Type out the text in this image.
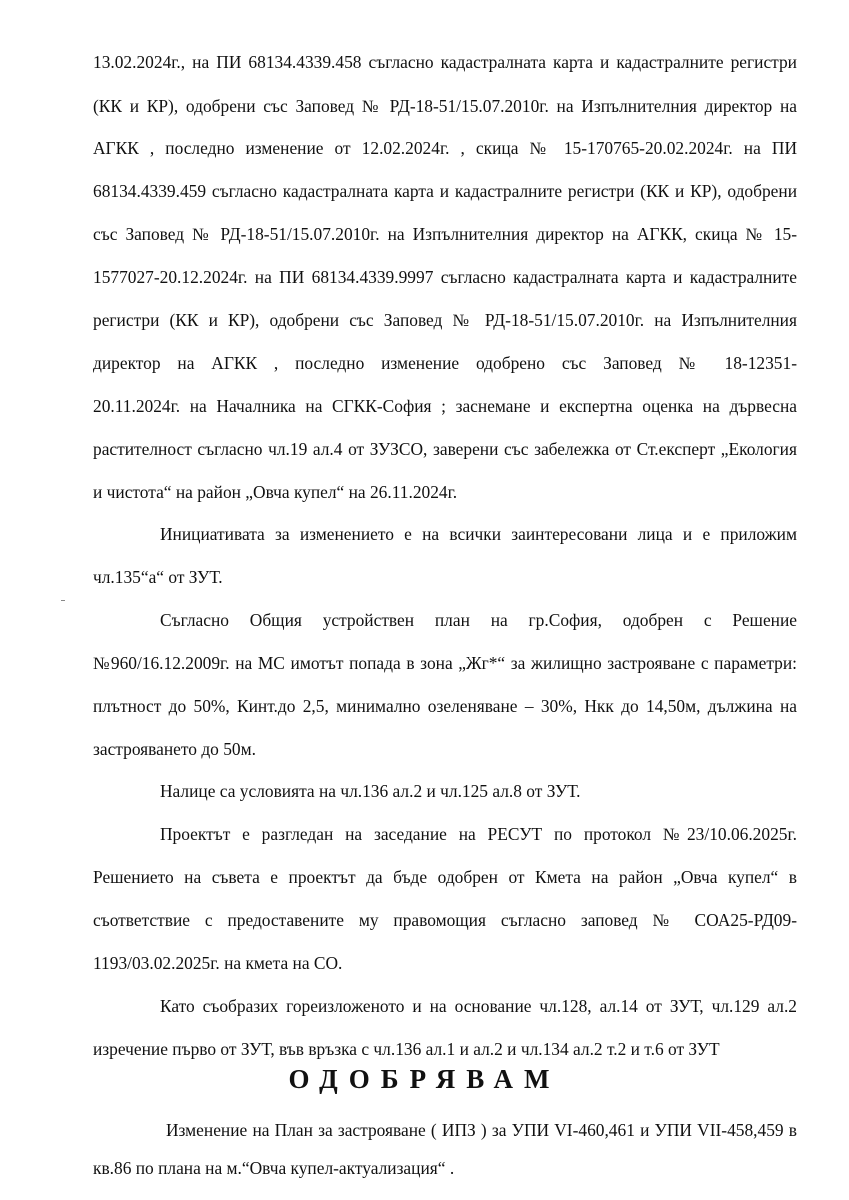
13.02.2024г., на ПИ 68134.4339.458 съгласно кадастралната карта и кадастралните регистри
(КК и КР), одобрени със Заповед № РД-18-51/15.07.2010г. на Изпълнителния директор на
АГКК , последно изменение от 12.02.2024г. , скица № 15-170765-20.02.2024г. на ПИ
68134.4339.459 съгласно кадастралната карта и кадастралните регистри (КК и КР), одобрени
със Заповед № РД-18-51/15.07.2010г. на Изпълнителния директор на АГКК, скица № 15-
1577027-20.12.2024г. на ПИ 68134.4339.9997 съгласно кадастралната карта и кадастралните
регистри (КК и КР), одобрени със Заповед № РД-18-51/15.07.2010г. на Изпълнителния
директор на АГКК , последно изменение одобрено със Заповед № 18-12351-
20.11.2024г. на Началника на СГКК-София ; заснемане и експертна оценка на дървесна
растителност съгласно чл.19 ал.4 от ЗУЗСО, заверени със забележка от Ст.експерт „Екология
и чистота“ на район „Овча купел“ на 26.11.2024г.
Инициативата за изменението е на всички заинтересовани лица и е приложим
чл.135“а“ от ЗУТ.
Съгласно Общия устройствен план на гр.София, одобрен с Решение
№960/16.12.2009г. на МС имотът попада в зона „Жг*“ за жилищно застрояване с параметри:
плътност до 50%, Кинт.до 2,5, минимално озеленяване – 30%, Нкк до 14,50м, дължина на
застрояването до 50м.
Налице са условията на чл.136 ал.2 и чл.125 ал.8 от ЗУТ.
Проектът е разгледан на заседание на РЕСУТ по протокол №23/10.06.2025г.
Решението на съвета е проектът да бъде одобрен от Кмета на район „Овча купел“ в
съответствие с предоставените му правомощия съгласно заповед № СОА25-РД09-
1193/03.02.2025г. на кмета на СО.
Като съобразих гореизложеното и на основание чл.128, ал.14 от ЗУТ, чл.129 ал.2
изречение първо от ЗУТ, във връзка с чл.136 ал.1 и ал.2 и чл.134 ал.2 т.2 и т.6 от ЗУТ
ОДОБРЯВАМ
Изменение на План за застрояване ( ИПЗ ) за УПИ VI-460,461 и УПИ VII-458,459 в
кв.86 по плана на м.“Овча купел-актуализация“ .
